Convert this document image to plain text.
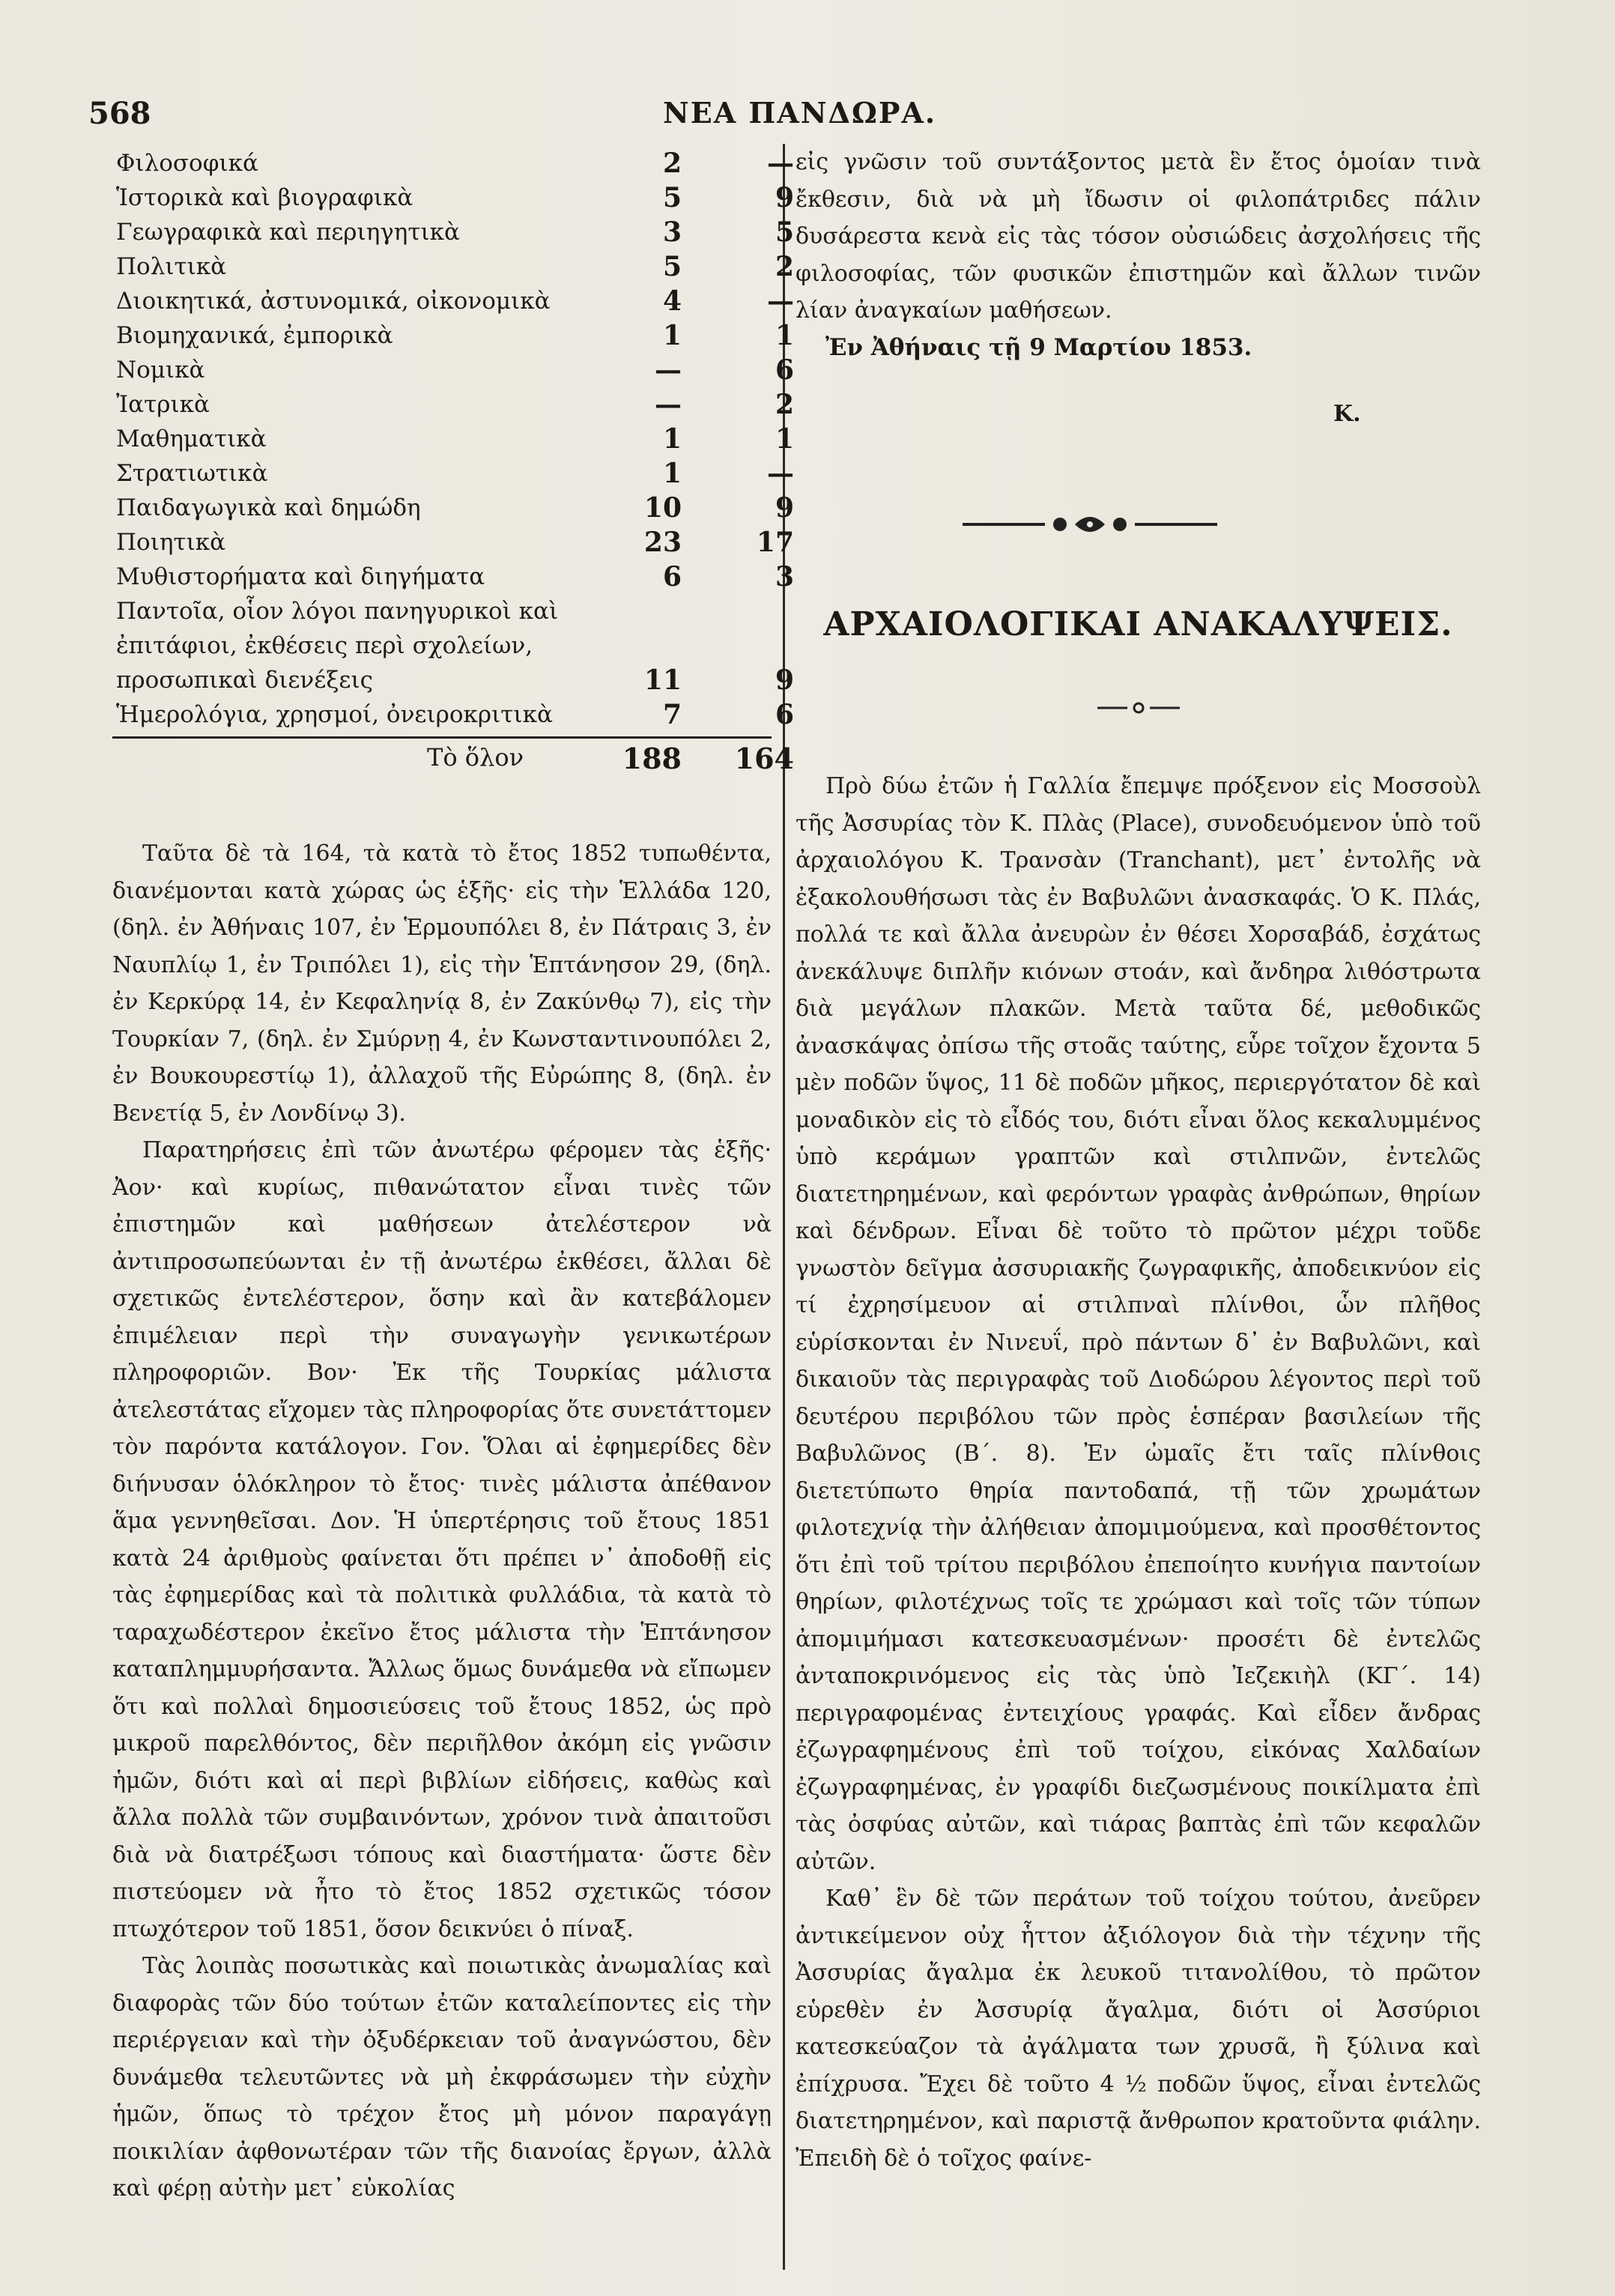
568	ΝΕΑ ΠΑΝΔΩΡΑ.
Φιλοσοφικά	2	—
Ἱστορικὰ καὶ βιογραφικὰ	5	9
Γεωγραφικὰ καὶ περιηγητικὰ	3	5
Πολιτικὰ	5	2
Διοικητικά, ἀστυνομικά, οἰκονομικὰ	4	—
Βιομηχανικά, ἐμπορικὰ	1	1
Νομικὰ	—	6
Ἰατρικὰ	—	2
Μαθηματικὰ	1	1
Στρατιωτικὰ	1	—
Παιδαγωγικὰ καὶ δημώδη	10	9
Ποιητικὰ	23	17
Μυθιστορήματα καὶ διηγήματα	6	3
Παντοῖα, οἷον λόγοι πανηγυρικοὶ καὶ
ἐπιτάφιοι, ἐκθέσεις περὶ σχολείων,
προσωπικαὶ διενέξεις	11	9
Ἡμερολόγια, χρησμοί, ὀνειροκριτικὰ	7	6
Τὸ ὅλον	188	164

Ταῦτα δὲ τὰ 164, τὰ κατὰ τὸ ἔτος 1852 τυπωθέντα, διανέμονται κατὰ χώρας ὡς ἑξῆς· εἰς τὴν Ἑλλάδα 120, (δηλ. ἐν Ἀθήναις 107, ἐν Ἑρμουπόλει 8, ἐν Πάτραις 3, ἐν Ναυπλίῳ 1, ἐν Τριπόλει 1), εἰς τὴν Ἑπτάνησον 29, (δηλ. ἐν Κερκύρᾳ 14, ἐν Κεφαληνίᾳ 8, ἐν Ζακύνθῳ 7), εἰς τὴν Τουρκίαν 7, (δηλ. ἐν Σμύρνῃ 4, ἐν Κωνσταντινουπόλει 2, ἐν Βουκουρεστίῳ 1), ἀλλαχοῦ τῆς Εὐρώπης 8, (δηλ. ἐν Βενετίᾳ 5, ἐν Λονδίνῳ 3).

Παρατηρήσεις ἐπὶ τῶν ἀνωτέρω φέρομεν τὰς ἑξῆς· Ἀον· καὶ κυρίως, πιθανώτατον εἶναι τινὲς τῶν ἐπιστημῶν καὶ μαθήσεων ἀτελέστερον νὰ ἀντιπροσωπεύωνται ἐν τῇ ἀνωτέρω ἐκθέσει, ἄλλαι δὲ σχετικῶς ἐντελέστερον, ὅσην καὶ ἂν κατεβάλομεν ἐπιμέλειαν περὶ τὴν συναγωγὴν γενικωτέρων πληροφοριῶν. Βον· Ἐκ τῆς Τουρκίας μάλιστα ἀτελεστάτας εἴχομεν τὰς πληροφορίας ὅτε συνετάττομεν τὸν παρόντα κατάλογον. Γον. Ὅλαι αἱ ἐφημερίδες δὲν διήνυσαν ὁλόκληρον τὸ ἔτος· τινὲς μάλιστα ἀπέθανον ἅμα γεννηθεῖσαι. Δον. Ἡ ὑπερτέρησις τοῦ ἔτους 1851 κατὰ 24 ἀριθμοὺς φαίνεται ὅτι πρέπει ν᾽ ἀποδοθῇ εἰς τὰς ἐφημερίδας καὶ τὰ πολιτικὰ φυλλάδια, τὰ κατὰ τὸ ταραχωδέστερον ἐκεῖνο ἔτος μάλιστα τὴν Ἑπτάνησον καταπλημμυρήσαντα. Ἄλλως ὅμως δυνάμεθα νὰ εἴπωμεν ὅτι καὶ πολλαὶ δημοσιεύσεις τοῦ ἔτους 1852, ὡς πρὸ μικροῦ παρελθόντος, δὲν περιῆλθον ἀκόμη εἰς γνῶσιν ἡμῶν, διότι καὶ αἱ περὶ βιβλίων εἰδήσεις, καθὼς καὶ ἄλλα πολλὰ τῶν συμβαινόντων, χρόνον τινὰ ἀπαιτοῦσι διὰ νὰ διατρέξωσι τόπους καὶ διαστήματα· ὥστε δὲν πιστεύομεν νὰ ἦτο τὸ ἔτος 1852 σχετικῶς τόσον πτωχότερον τοῦ 1851, ὅσον δεικνύει ὁ πίναξ.

Τὰς λοιπὰς ποσωτικὰς καὶ ποιωτικὰς ἀνωμαλίας καὶ διαφορὰς τῶν δύο τούτων ἐτῶν καταλείποντες εἰς τὴν περιέργειαν καὶ τὴν ὀξυδέρκειαν τοῦ ἀναγνώστου, δὲν δυνάμεθα τελευτῶντες νὰ μὴ ἐκφράσωμεν τὴν εὐχὴν ἡμῶν, ὅπως τὸ τρέχον ἔτος μὴ μόνον παραγάγῃ ποικιλίαν ἀφθονωτέραν τῶν τῆς διανοίας ἔργων, ἀλλὰ καὶ φέρῃ αὐτὴν μετ᾽ εὐκολίας

εἰς γνῶσιν τοῦ συντάξοντος μετὰ ἓν ἔτος ὁμοίαν τινὰ ἔκθεσιν, διὰ νὰ μὴ ἴδωσιν οἱ φιλοπάτριδες πάλιν δυσάρεστα κενὰ εἰς τὰς τόσον οὐσιώδεις ἀσχολήσεις τῆς φιλοσοφίας, τῶν φυσικῶν ἐπιστημῶν καὶ ἄλλων τινῶν λίαν ἀναγκαίων μαθήσεων.

Ἐν Ἀθήναις τῇ 9 Μαρτίου 1853.

Κ.
ΑΡΧΑΙΟΛΟΓΙΚΑΙ ΑΝΑΚΑΛΥΨΕΙΣ.

Πρὸ δύω ἐτῶν ἡ Γαλλία ἔπεμψε πρόξενον εἰς Μοσσοὺλ τῆς Ἀσσυρίας τὸν Κ. Πλὰς (Place), συνοδευόμενον ὑπὸ τοῦ ἀρχαιολόγου Κ. Τρανσὰν (Tranchant), μετ᾽ ἐντολῆς νὰ ἐξακολουθήσωσι τὰς ἐν Βαβυλῶνι ἀνασκαφάς. Ὁ Κ. Πλάς, πολλά τε καὶ ἄλλα ἀνευρὼν ἐν θέσει Χορσαβάδ, ἐσχάτως ἀνεκάλυψε διπλῆν κιόνων στοάν, καὶ ἄνδηρα λιθόστρωτα διὰ μεγάλων πλακῶν. Μετὰ ταῦτα δέ, μεθοδικῶς ἀνασκάψας ὀπίσω τῆς στοᾶς ταύτης, εὗρε τοῖχον ἔχοντα 5 μὲν ποδῶν ὕψος, 11 δὲ ποδῶν μῆκος, περιεργότατον δὲ καὶ μοναδικὸν εἰς τὸ εἶδός του, διότι εἶναι ὅλος κεκαλυμμένος ὑπὸ κεράμων γραπτῶν καὶ στιλπνῶν, ἐντελῶς διατετηρημένων, καὶ φερόντων γραφὰς ἀνθρώπων, θηρίων καὶ δένδρων. Εἶναι δὲ τοῦτο τὸ πρῶτον μέχρι τοῦδε γνωστὸν δεῖγμα ἀσσυριακῆς ζωγραφικῆς, ἀποδεικνύον εἰς τί ἐχρησίμευον αἱ στιλπναὶ πλίνθοι, ὧν πλῆθος εὑρίσκονται ἐν Νινευΐ, πρὸ πάντων δ᾽ ἐν Βαβυλῶνι, καὶ δικαιοῦν τὰς περιγραφὰς τοῦ Διοδώρου λέγοντος περὶ τοῦ δευτέρου περιβόλου τῶν πρὸς ἑσπέραν βασιλείων τῆς Βαβυλῶνος (Β΄. 8). Ἐν ὠμαῖς ἔτι ταῖς πλίνθοις διετετύπωτο θηρία παντοδαπά, τῇ τῶν χρωμάτων φιλοτεχνίᾳ τὴν ἀλήθειαν ἀπομιμούμενα, καὶ προσθέτοντος ὅτι ἐπὶ τοῦ τρίτου περιβόλου ἐπεποίητο κυνήγια παντοίων θηρίων, φιλοτέχνως τοῖς τε χρώμασι καὶ τοῖς τῶν τύπων ἀπομιμήμασι κατεσκευασμένων· προσέτι δὲ ἐντελῶς ἀνταποκρινόμενος εἰς τὰς ὑπὸ Ἰεζεκιὴλ (ΚΓ΄. 14) περιγραφομένας ἐντειχίους γραφάς. Καὶ εἶδεν ἄνδρας ἐζωγραφημένους ἐπὶ τοῦ τοίχου, εἰκόνας Χαλδαίων ἐζωγραφημένας, ἐν γραφίδι διεζωσμένους ποικίλματα ἐπὶ τὰς ὀσφύας αὐτῶν, καὶ τιάρας βαπτὰς ἐπὶ τῶν κεφαλῶν αὐτῶν.

Καθ᾽ ἓν δὲ τῶν περάτων τοῦ τοίχου τούτου, ἀνεῦρεν ἀντικείμενον οὐχ ἧττον ἀξιόλογον διὰ τὴν τέχνην τῆς Ἀσσυρίας ἄγαλμα ἐκ λευκοῦ τιτανολίθου, τὸ πρῶτον εὑρεθὲν ἐν Ἀσσυρίᾳ ἄγαλμα, διότι οἱ Ἀσσύριοι κατεσκεύαζον τὰ ἀγάλματα των χρυσᾶ, ἢ ξύλινα καὶ ἐπίχρυσα. Ἔχει δὲ τοῦτο 4 ½ ποδῶν ὕψος, εἶναι ἐντελῶς διατετηρημένον, καὶ παριστᾷ ἄνθρωπον κρατοῦντα φιάλην. Ἐπειδὴ δὲ ὁ τοῖχος φαίνε-
